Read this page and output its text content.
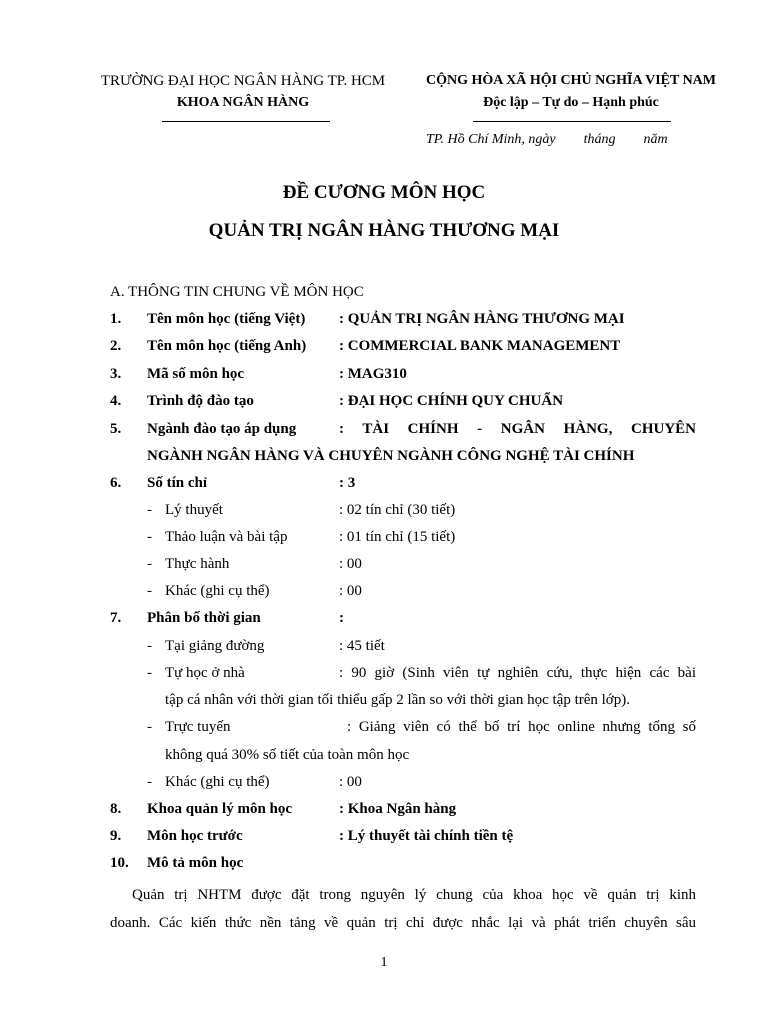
TRƯỜNG ĐẠI HỌC NGÂN HÀNG TP. HCM
KHOA NGÂN HÀNG
CỘNG HÒA XÃ HỘI CHỦ NGHĨA VIỆT NAM
Độc lập – Tự do – Hạnh phúc
TP. Hồ Chí Minh, ngày tháng năm
ĐỀ CƯƠNG MÔN HỌC
QUẢN TRỊ NGÂN HÀNG THƯƠNG MẠI
A. THÔNG TIN CHUNG VỀ MÔN HỌC
1.	Tên môn học (tiếng Việt) : QUẢN TRỊ NGÂN HÀNG THƯƠNG MẠI
2.	Tên môn học (tiếng Anh) : COMMERCIAL BANK MANAGEMENT
3.	Mã số môn học	: MAG310
4.	Trình độ đào tạo	: ĐẠI HỌC CHÍNH QUY CHUẨN
5.	Ngành đào tạo áp dụng	: TÀI CHÍNH - NGÂN HÀNG, CHUYÊN
NGÀNH NGÂN HÀNG VÀ CHUYÊN NGÀNH CÔNG NGHỆ TÀI CHÍNH
6.	Số tín chỉ	: 3
- Lý thuyết	: 02 tín chỉ (30 tiết)
- Thảo luận và bài tập	: 01 tín chỉ (15 tiết)
- Thực hành	: 00
- Khác (ghi cụ thể)	: 00
7.	Phân bố thời gian	:
- Tại giảng đường	: 45 tiết
- Tự học ở nhà	: 90 giờ (Sinh viên tự nghiên cứu, thực hiện các bài
tập cá nhân với thời gian tối thiểu gấp 2 lần so với thời gian học tập trên lớp).
- Trực tuyến	: Giảng viên có thể bố trí học online nhưng tổng số
không quá 30% số tiết của toàn môn học
- Khác (ghi cụ thể)	: 00
8.	Khoa quản lý môn học	: Khoa Ngân hàng
9.	Môn học trước	: Lý thuyết tài chính tiền tệ
10.	Mô tả môn học
Quản trị NHTM được đặt trong nguyên lý chung của khoa học về quản trị kinh
doanh. Các kiến thức nền tảng về quản trị chỉ được nhắc lại và phát triển chuyên sâu
1
